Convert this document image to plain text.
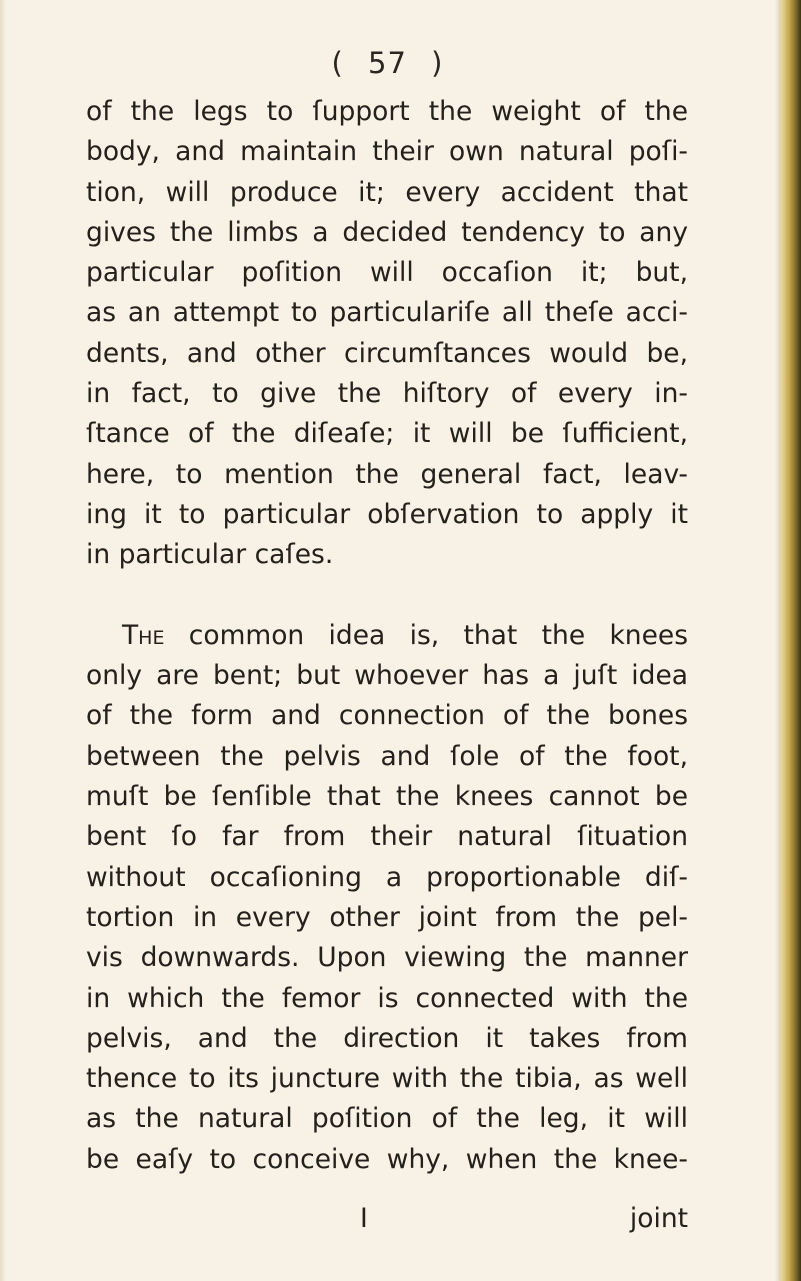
( 57 )
of the legs to ſupport the weight of the
body, and maintain their own natural poſi-
tion, will produce it; every accident that
gives the limbs a decided tendency to any
particular poſition will occaſion it; but,
as an attempt to particulariſe all theſe acci-
dents, and other circumſtances would be,
in fact, to give the hiſtory of every in-
ſtance of the diſeaſe; it will be ſufficient,
here, to mention the general fact, leav-
ing it to particular obſervation to apply it
in particular caſes.
The common idea is, that the knees
only are bent; but whoever has a juſt idea
of the form and connection of the bones
between the pelvis and ſole of the foot,
muſt be ſenſible that the knees cannot be
bent ſo far from their natural ſituation
without occaſioning a proportionable diſ-
tortion in every other joint from the pel-
vis downwards. Upon viewing the manner
in which the femor is connected with the
pelvis, and the direction it takes from
thence to its juncture with the tibia, as well
as the natural poſition of the leg, it will
be eaſy to conceive why, when the knee-
I	joint
